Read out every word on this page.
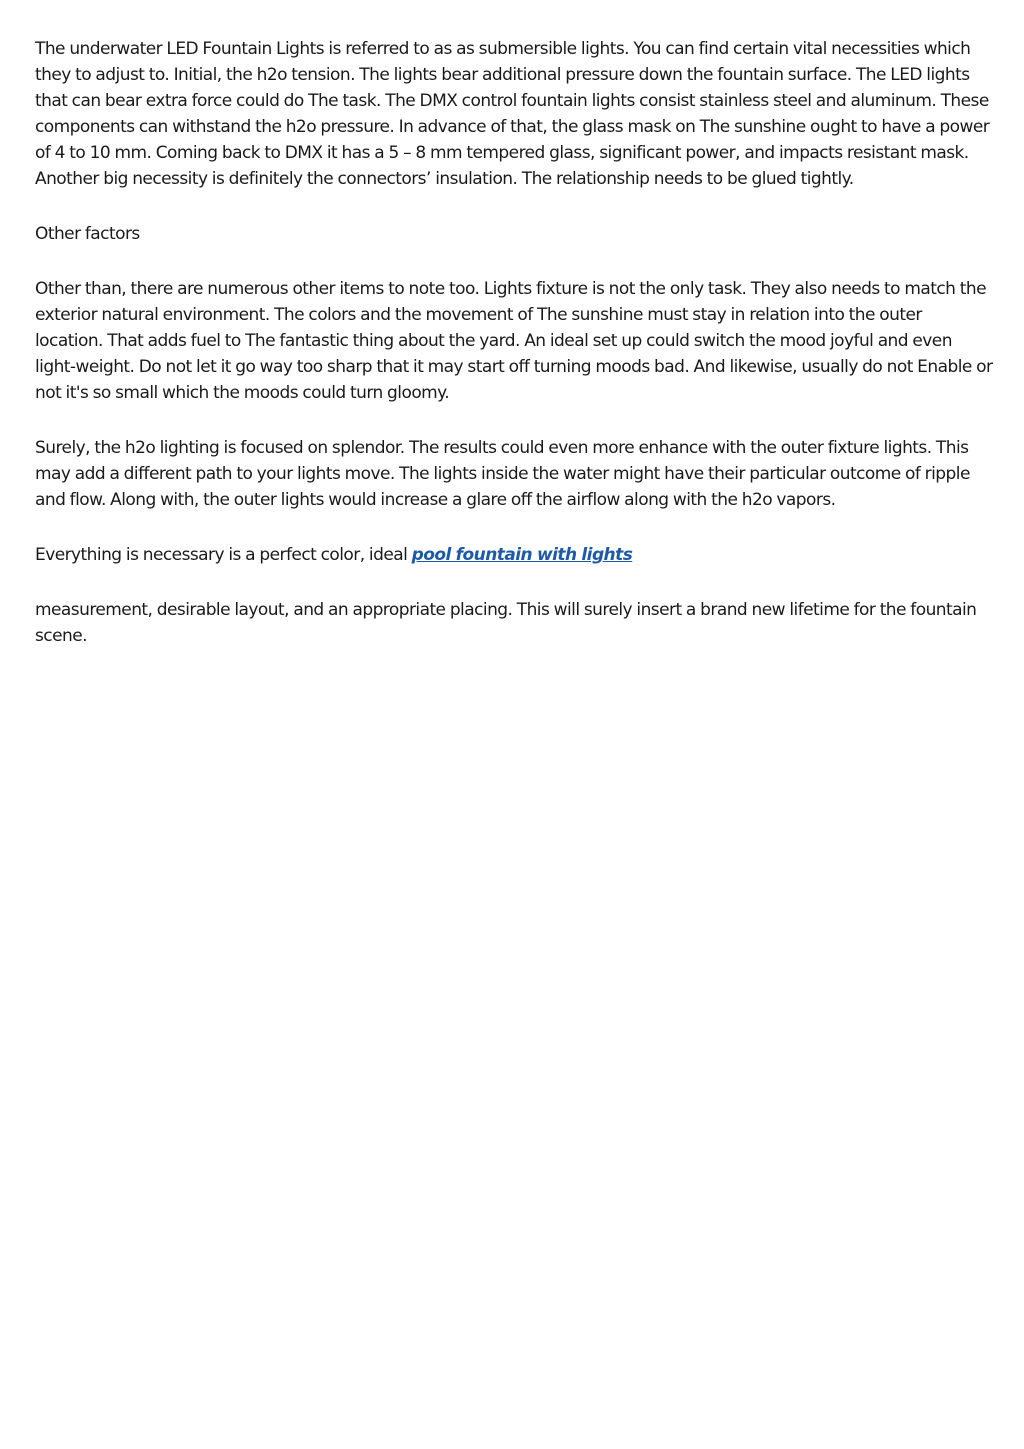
The underwater LED Fountain Lights is referred to as as submersible lights. You can find certain vital necessities which they to adjust to. Initial, the h2o tension. The lights bear additional pressure down the fountain surface. The LED lights that can bear extra force could do The task. The DMX control fountain lights consist stainless steel and aluminum. These components can withstand the h2o pressure. In advance of that, the glass mask on The sunshine ought to have a power of 4 to 10 mm. Coming back to DMX it has a 5 – 8 mm tempered glass, significant power, and impacts resistant mask. Another big necessity is definitely the connectors’ insulation. The relationship needs to be glued tightly.

Other factors

Other than, there are numerous other items to note too. Lights fixture is not the only task. They also needs to match the exterior natural environment. The colors and the movement of The sunshine must stay in relation into the outer location. That adds fuel to The fantastic thing about the yard. An ideal set up could switch the mood joyful and even light-weight. Do not let it go way too sharp that it may start off turning moods bad. And likewise, usually do not Enable or not it's so small which the moods could turn gloomy.

Surely, the h2o lighting is focused on splendor. The results could even more enhance with the outer fixture lights. This may add a different path to your lights move. The lights inside the water might have their particular outcome of ripple and flow. Along with, the outer lights would increase a glare off the airflow along with the h2o vapors.

Everything is necessary is a perfect color, ideal pool fountain with lights

measurement, desirable layout, and an appropriate placing. This will surely insert a brand new lifetime for the fountain scene.
